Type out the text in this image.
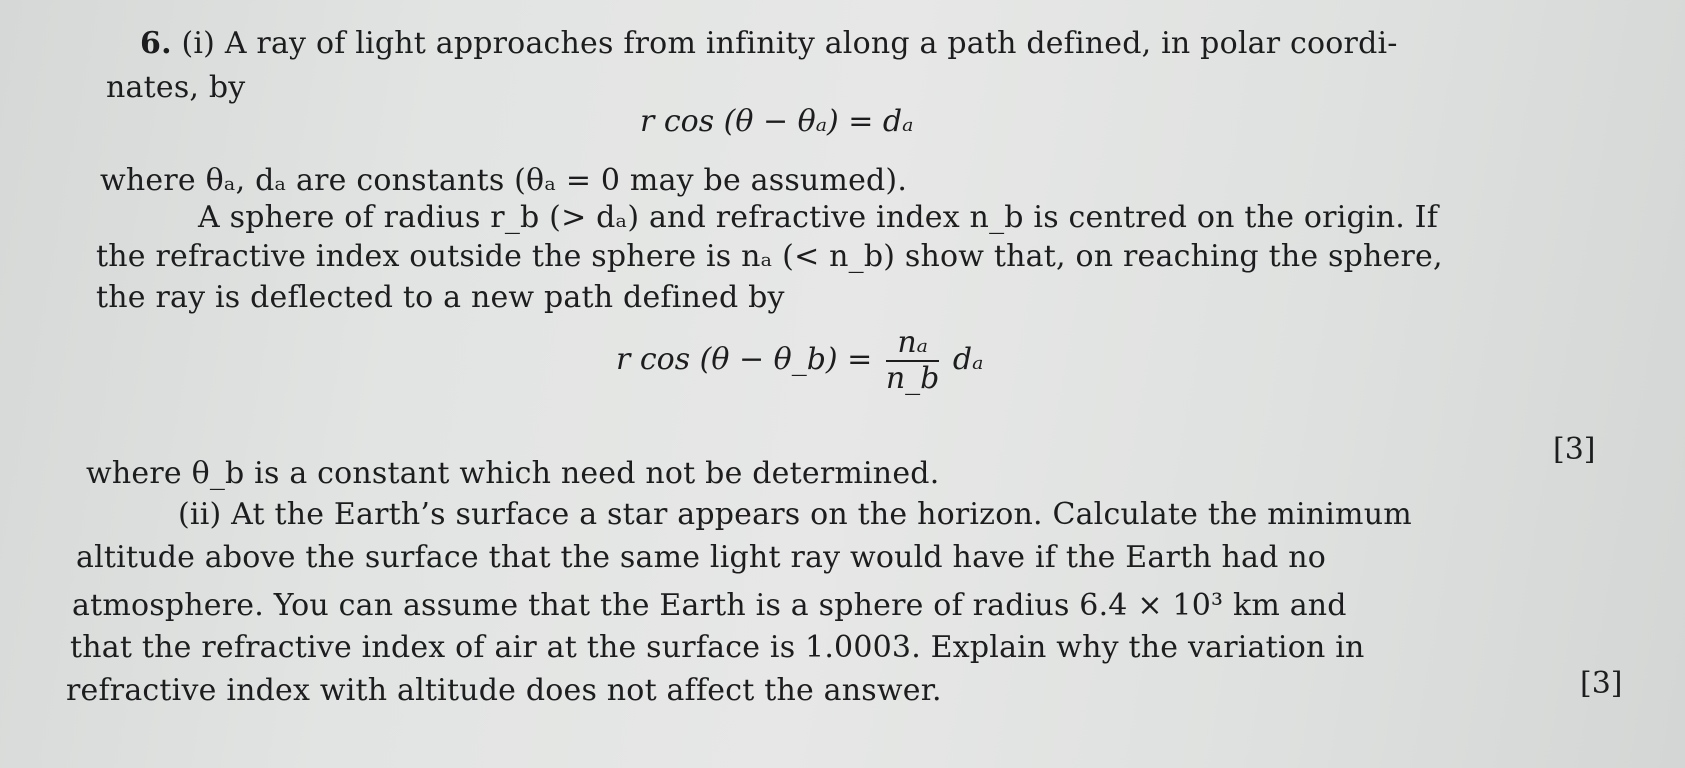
6. (i) A ray of light approaches from infinity along a path defined, in polar coordi-
nates, by
r cos (θ − θₐ) = dₐ
where θₐ, dₐ are constants (θₐ = 0 may be assumed).
A sphere of radius r_b (> dₐ) and refractive index n_b is centred on the origin. If
the refractive index outside the sphere is nₐ (< n_b) show that, on reaching the sphere,
the ray is deflected to a new path defined by
r cos (θ − θ_b) = $\frac{\text{nₐ}}{n\_b}$ dₐ
where θ_b is a constant which need not be determined.
[3]
(ii) At the Earth’s surface a star appears on the horizon. Calculate the minimum
altitude above the surface that the same light ray would have if the Earth had no
atmosphere. You can assume that the Earth is a sphere of radius 6.4 × 10³ km and
that the refractive index of air at the surface is 1.0003. Explain why the variation in
refractive index with altitude does not affect the answer.	[3]
